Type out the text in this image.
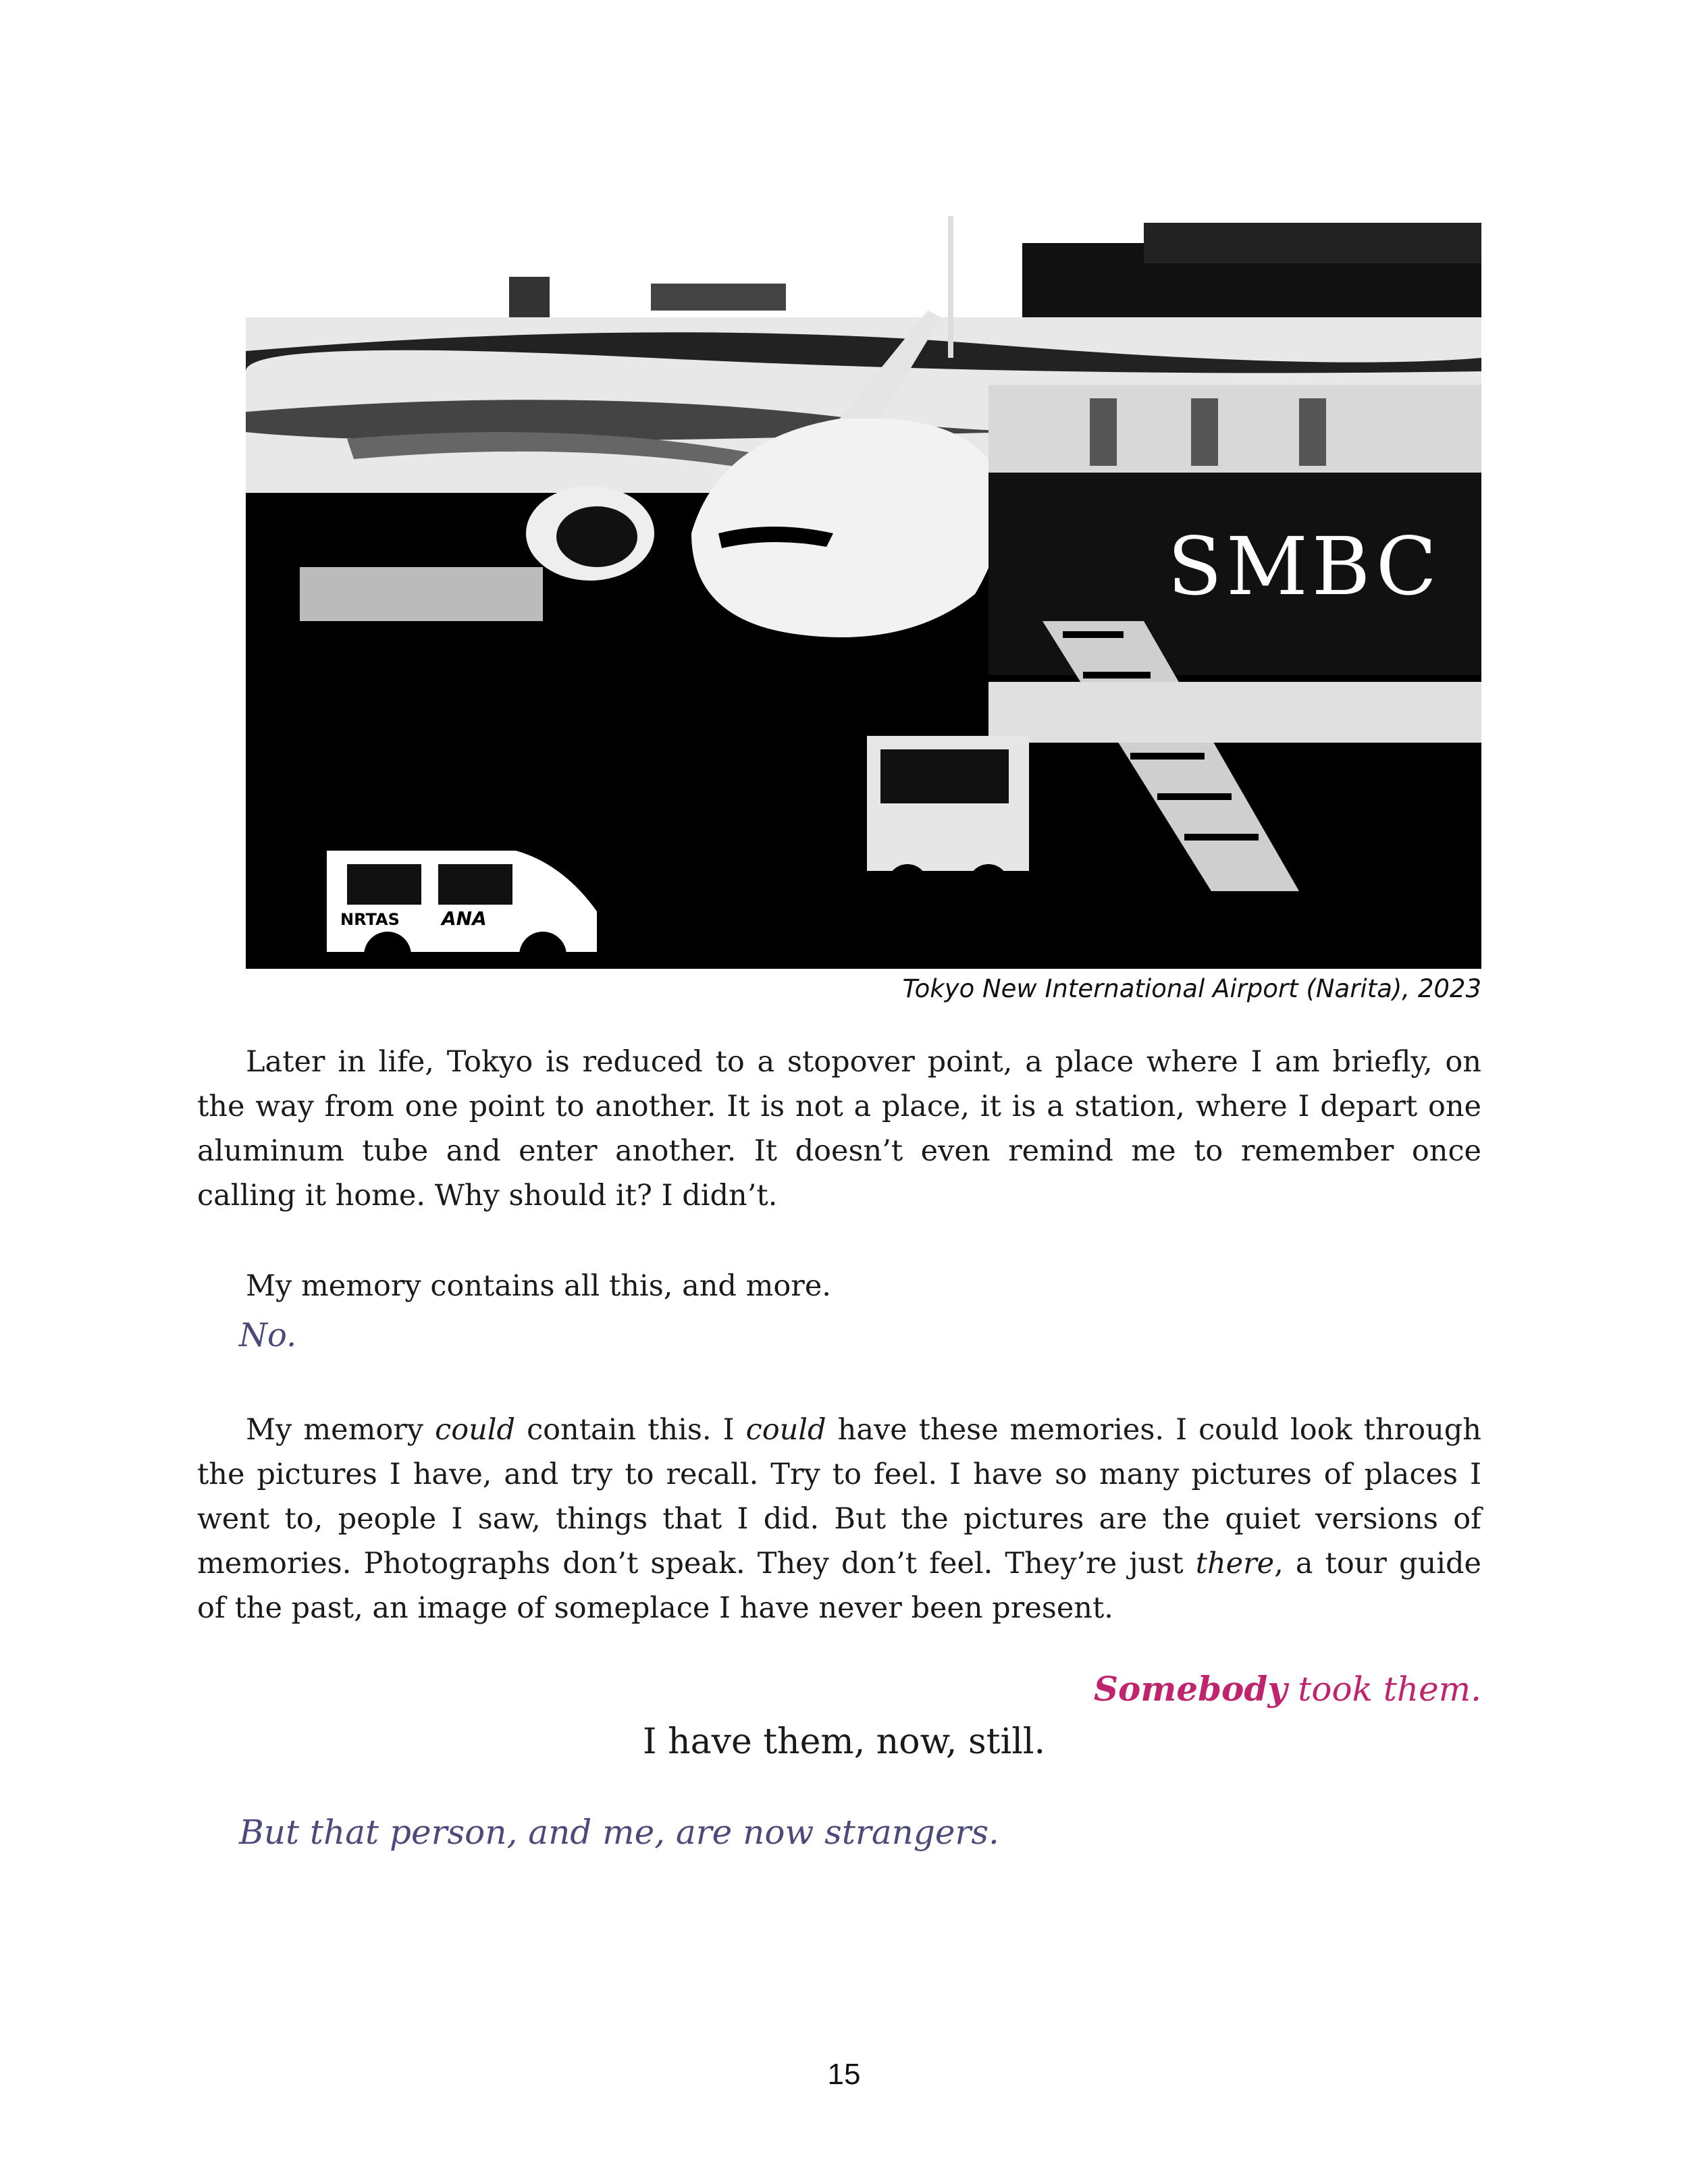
SMBC
NRTAS ANA
Tokyo New International Airport (Narita), 2023

Later in life, Tokyo is reduced to a stopover point, a place where I am briefly, on the way from one point to another. It is not a place, it is a station, where I depart one aluminum tube and enter another. It doesn’t even remind me to remember once calling it home. Why should it? I didn’t.

My memory contains all this, and more.

No.

My memory could contain this. I could have these memories. I could look through the pictures I have, and try to recall. Try to feel. I have so many pictures of places I went to, people I saw, things that I did. But the pictures are the quiet versions of memories. Photographs don’t speak. They don’t feel. They’re just there, a tour guide of the past, an image of someplace I have never been present.

Somebody took them.
I have them, now, still.
But that person, and me, are now strangers.
15
